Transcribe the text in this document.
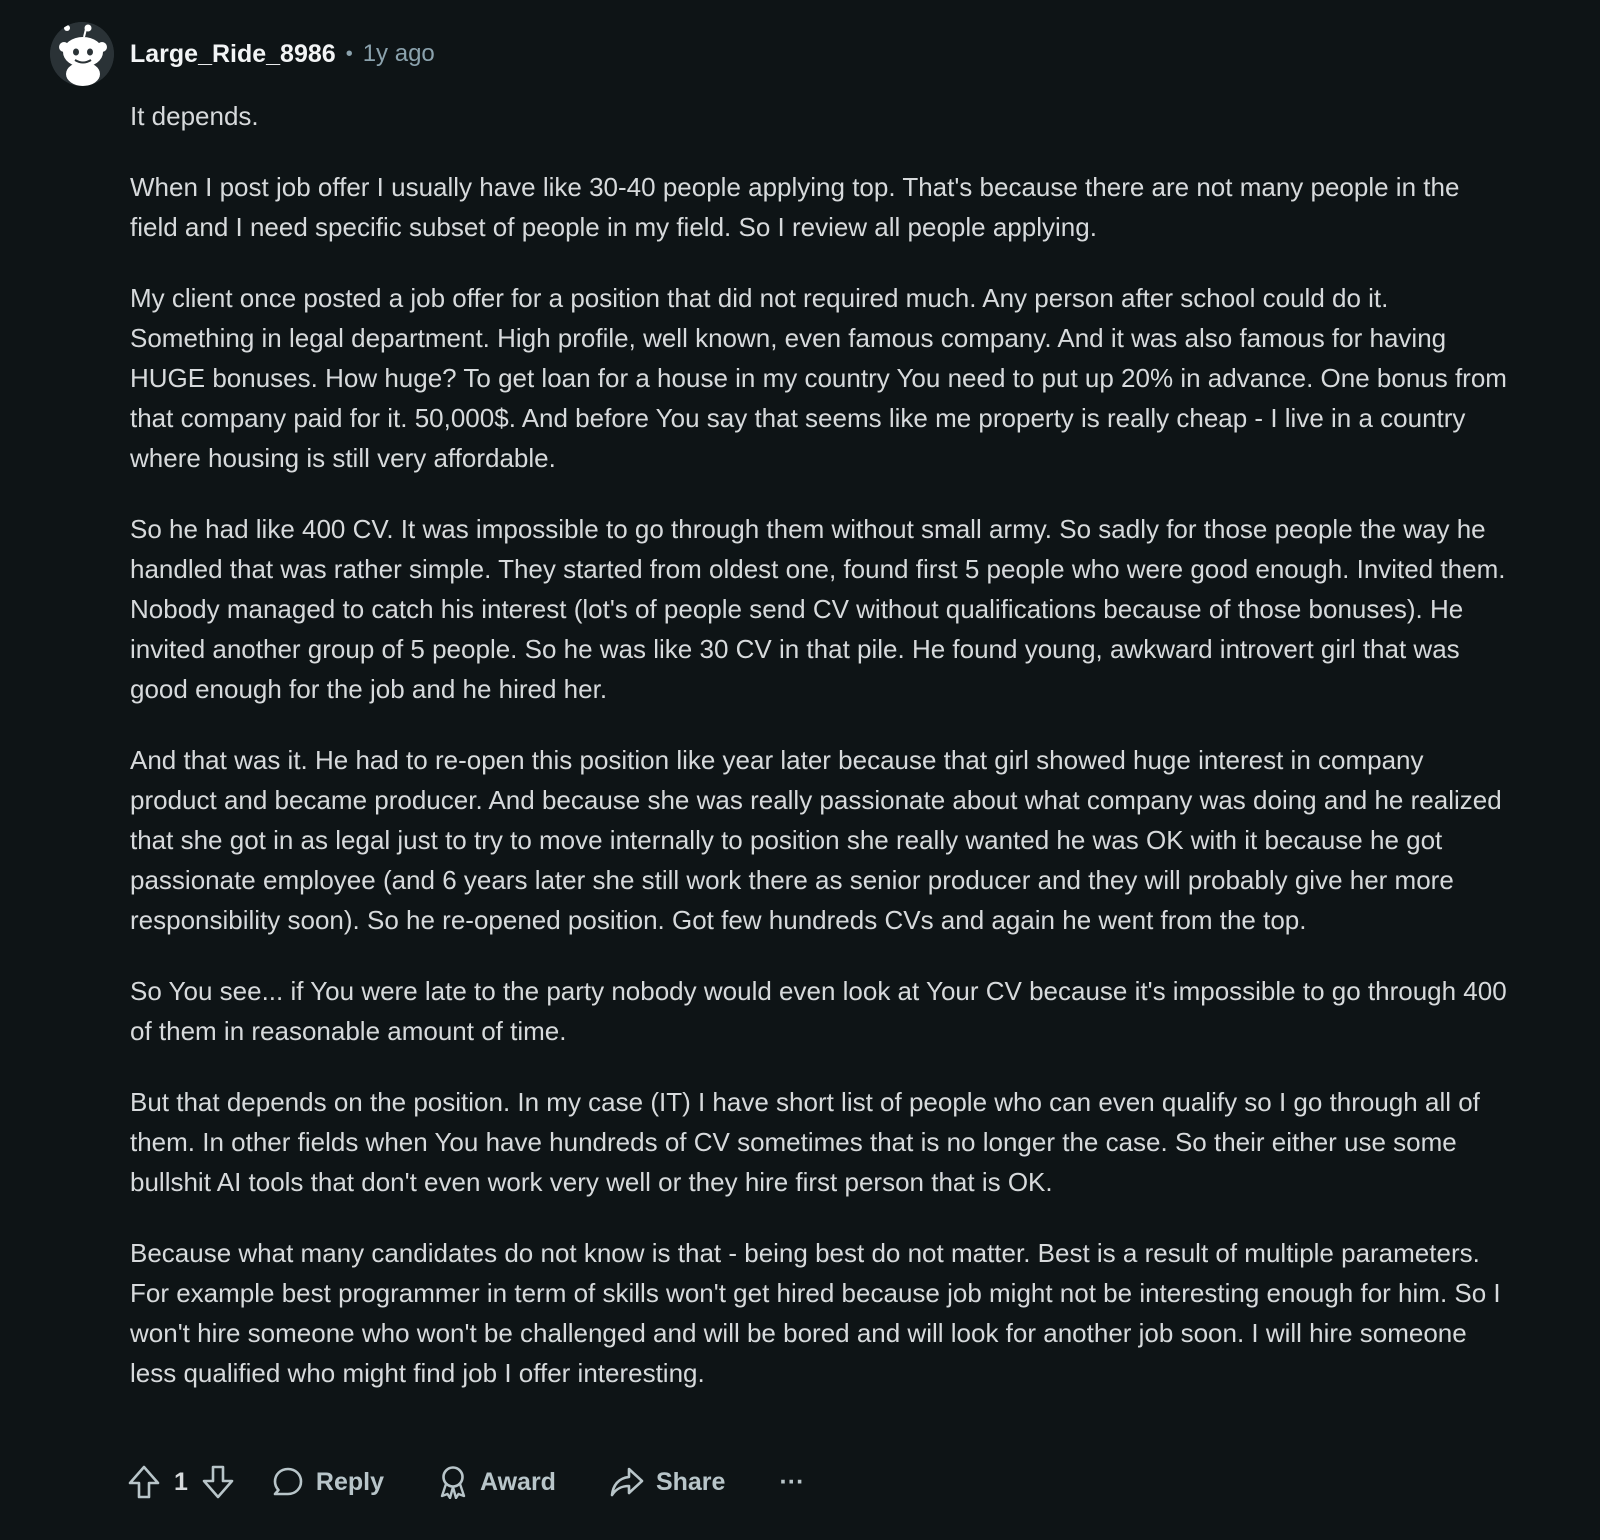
Large_Ride_8986 • 1y ago

It depends.

When I post job offer I usually have like 30-40 people applying top. That's because there are not many people in the field and I need specific subset of people in my field. So I review all people applying.

My client once posted a job offer for a position that did not required much. Any person after school could do it. Something in legal department. High profile, well known, even famous company. And it was also famous for having HUGE bonuses. How huge? To get loan for a house in my country You need to put up 20% in advance. One bonus from that company paid for it. 50,000$. And before You say that seems like me property is really cheap - I live in a country where housing is still very affordable.

So he had like 400 CV. It was impossible to go through them without small army. So sadly for those people the way he handled that was rather simple. They started from oldest one, found first 5 people who were good enough. Invited them. Nobody managed to catch his interest (lot's of people send CV without qualifications because of those bonuses). He invited another group of 5 people. So he was like 30 CV in that pile. He found young, awkward introvert girl that was good enough for the job and he hired her.

And that was it. He had to re-open this position like year later because that girl showed huge interest in company product and became producer. And because she was really passionate about what company was doing and he realized that she got in as legal just to try to move internally to position she really wanted he was OK with it because he got passionate employee (and 6 years later she still work there as senior producer and they will probably give her more responsibility soon). So he re-opened position. Got few hundreds CVs and again he went from the top.

So You see... if You were late to the party nobody would even look at Your CV because it's impossible to go through 400 of them in reasonable amount of time.

But that depends on the position. In my case (IT) I have short list of people who can even qualify so I go through all of them. In other fields when You have hundreds of CV sometimes that is no longer the case. So their either use some bullshit AI tools that don't even work very well or they hire first person that is OK.

Because what many candidates do not know is that - being best do not matter. Best is a result of multiple parameters. For example best programmer in term of skills won't get hired because job might not be interesting enough for him. So I won't hire someone who won't be challenged and will be bored and will look for another job soon. I will hire someone less qualified who might find job I offer interesting.

1	Reply	Award	Share ···
